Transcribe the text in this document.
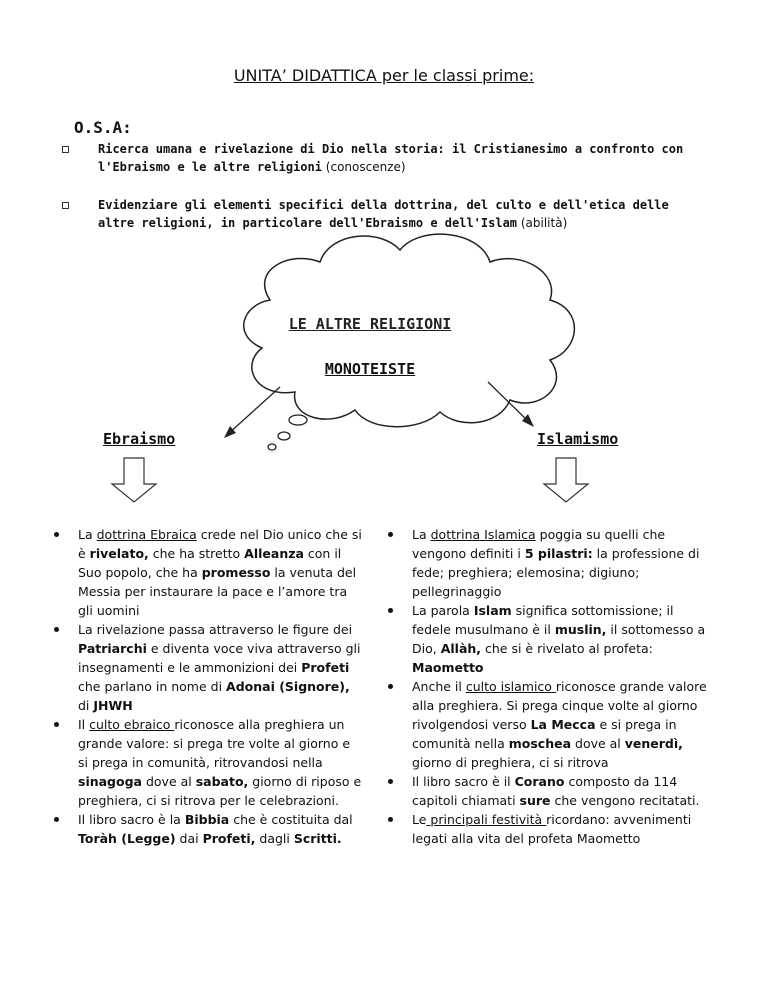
UNITA’ DIDATTICA per le classi prime:
O.S.A:
Ricerca umana e rivelazione di Dio nella storia: il Cristianesimo a confronto con l'Ebraismo e le altre religioni (conoscenze)
Evidenziare gli elementi specifici della dottrina, del culto e dell'etica delle altre religioni, in particolare dell'Ebraismo e dell'Islam (abilità)
LE ALTRE RELIGIONI
MONOTEISTE
Ebraismo	Islamismo
La dottrina Ebraica crede nel Dio unico che si è rivelato, che ha stretto Alleanza con il Suo popolo, che ha promesso la venuta del Messia per instaurare la pace e l’amore tra gli uomini
La rivelazione passa attraverso le figure dei Patriarchi e diventa voce viva attraverso gli insegnamenti e le ammonizioni dei Profeti che parlano in nome di Adonai (Signore), di JHWH
Il culto ebraico riconosce alla preghiera un grande valore: si prega tre volte al giorno e si prega in comunità, ritrovandosi nella sinagoga dove al sabato, giorno di riposo e preghiera, ci si ritrova per le celebrazioni.
Il libro sacro è la Bibbia che è costituita dal Toràh (Legge) dai Profeti, dagli Scritti.
La dottrina Islamica poggia su quelli che vengono definiti i 5 pilastri: la professione di fede; preghiera; elemosina; digiuno; pellegrinaggio
La parola Islam significa sottomissione; il fedele musulmano è il muslin, il sottomesso a Dio, Allàh, che si è rivelato al profeta: Maometto
Anche il culto islamico riconosce grande valore alla preghiera. Si prega cinque volte al giorno rivolgendosi verso La Mecca e si prega in comunità nella moschea dove al venerdì, giorno di preghiera, ci si ritrova
Il libro sacro è il Corano composto da 114 capitoli chiamati sure che vengono recitatati.
Le principali festività ricordano: avvenimenti legati alla vita del profeta Maometto
